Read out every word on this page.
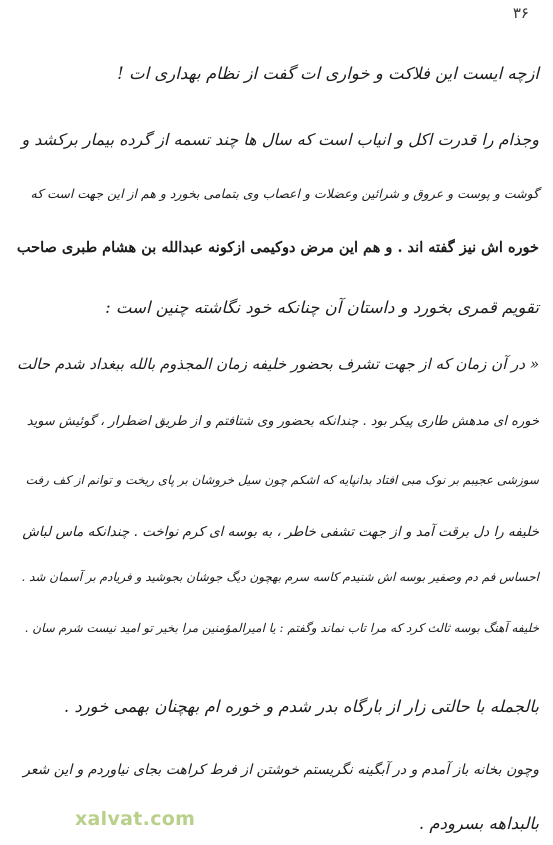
۳۶
ازچه ایست این فلاکت و خواری ات گفت از نظام بهداری ات !
وجذام را قدرت اکل و انیاب است که سال ها چند تسمه از گرده بیمار برکشد و
گوشت و پوست و عروق و شرائین وعضلات و اعصاب وی بتمامی بخورد و هم از این جهت است که
خوره اش نیز گفته اند . و هم این مرض دوکیمی ازکونه عبدالله بن هشام طبری صاحب
تقویم قمری بخورد و داستان آن چنانکه خود نگاشته چنین است :
« در آن زمان که از جهت تشرف بحضور خلیفه زمان المجذوم بالله ببغداد شدم حالت
خوره ای مدهش طاری پیکر بود . چندانکه بحضور وی شتافتم و از طریق اضطرار ، گوئیش سوید
سوزشی عجیبم بر نوک مبی افتاد بدانپایه که اشکم چون سیل خروشان بر پای ریخت و توانم از کف رفت
خلیفه را دل برقت آمد و از جهت تشفی خاطر ، به بوسه ای کرم نواخت . چندانکه ماس لباش
احساس فم دم وصفیر بوسه اش شنیدم کاسه سرم بهچون دیگ جوشان بجوشید و فریادم بر آسمان شد .
خلیفه آهنگ بوسه ثالث کرد که مرا تاب نماند وگفتم : یا امیرالمؤمنین مرا بخیر تو امید نیست شرم سان .
بالجمله با حالتی زار از بارگاه بدر شدم و خوره ام بهچنان بهمی خورد .
وچون بخانه باز آمدم و در آبگینه نگریستم خوشتن از فرط کراهت بجای نیاوردم و این شعر
بالبداهه بسرودم .
xalvat.com
